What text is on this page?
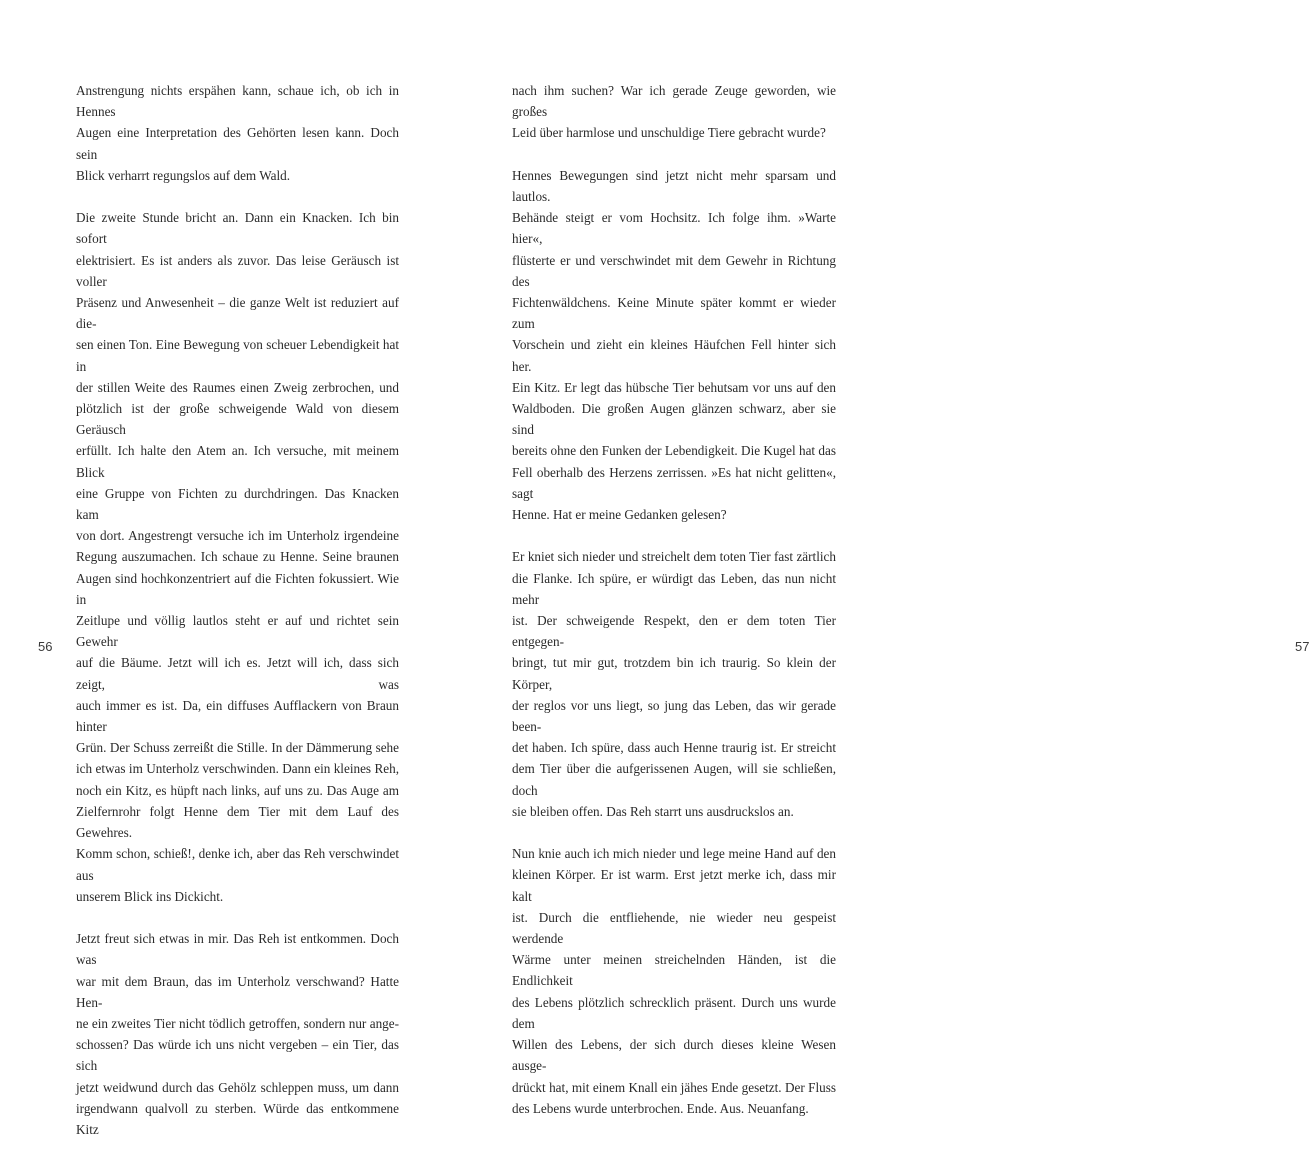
Anstrengung nichts erspähen kann, schaue ich, ob ich in Hennes
Augen eine Interpretation des Gehörten lesen kann. Doch sein
Blick verharrt regungslos auf dem Wald.
Die zweite Stunde bricht an. Dann ein Knacken. Ich bin sofort
elektrisiert. Es ist anders als zuvor. Das leise Geräusch ist voller
Präsenz und Anwesenheit – die ganze Welt ist reduziert auf die-
sen einen Ton. Eine Bewegung von scheuer Lebendigkeit hat in
der stillen Weite des Raumes einen Zweig zerbrochen, und
plötzlich ist der große schweigende Wald von diesem Geräusch
erfüllt. Ich halte den Atem an. Ich versuche, mit meinem Blick
eine Gruppe von Fichten zu durchdringen. Das Knacken kam
von dort. Angestrengt versuche ich im Unterholz irgendeine
Regung auszumachen. Ich schaue zu Henne. Seine braunen
Augen sind hochkonzentriert auf die Fichten fokussiert. Wie in
Zeitlupe und völlig lautlos steht er auf und richtet sein Gewehr
auf die Bäume. Jetzt will ich es. Jetzt will ich, dass sich zeigt, was
auch immer es ist. Da, ein diffuses Aufflackern von Braun hinter
Grün. Der Schuss zerreißt die Stille. In der Dämmerung sehe
ich etwas im Unterholz verschwinden. Dann ein kleines Reh,
noch ein Kitz, es hüpft nach links, auf uns zu. Das Auge am
Zielfernrohr folgt Henne dem Tier mit dem Lauf des Gewehres.
Komm schon, schieß!, denke ich, aber das Reh verschwindet aus
unserem Blick ins Dickicht.
Jetzt freut sich etwas in mir. Das Reh ist entkommen. Doch was
war mit dem Braun, das im Unterholz verschwand? Hatte Hen-
ne ein zweites Tier nicht tödlich getroffen, sondern nur ange-
schossen? Das würde ich uns nicht vergeben – ein Tier, das sich
jetzt weidwund durch das Gehölz schleppen muss, um dann
irgendwann qualvoll zu sterben. Würde das entkommene Kitz
56
nach ihm suchen? War ich gerade Zeuge geworden, wie großes
Leid über harmlose und unschuldige Tiere gebracht wurde?
Hennes Bewegungen sind jetzt nicht mehr sparsam und lautlos.
Behände steigt er vom Hochsitz. Ich folge ihm. »Warte hier«,
flüsterte er und verschwindet mit dem Gewehr in Richtung des
Fichtenwäldchens. Keine Minute später kommt er wieder zum
Vorschein und zieht ein kleines Häufchen Fell hinter sich her.
Ein Kitz. Er legt das hübsche Tier behutsam vor uns auf den
Waldboden. Die großen Augen glänzen schwarz, aber sie sind
bereits ohne den Funken der Lebendigkeit. Die Kugel hat das
Fell oberhalb des Herzens zerrissen. »Es hat nicht gelitten«, sagt
Henne. Hat er meine Gedanken gelesen?
Er kniet sich nieder und streichelt dem toten Tier fast zärtlich
die Flanke. Ich spüre, er würdigt das Leben, das nun nicht mehr
ist. Der schweigende Respekt, den er dem toten Tier entgegen-
bringt, tut mir gut, trotzdem bin ich traurig. So klein der Körper,
der reglos vor uns liegt, so jung das Leben, das wir gerade been-
det haben. Ich spüre, dass auch Henne traurig ist. Er streicht
dem Tier über die aufgerissenen Augen, will sie schließen, doch
sie bleiben offen. Das Reh starrt uns ausdruckslos an.
Nun knie auch ich mich nieder und lege meine Hand auf den
kleinen Körper. Er ist warm. Erst jetzt merke ich, dass mir kalt
ist. Durch die entfliehende, nie wieder neu gespeist werdende
Wärme unter meinen streichelnden Händen, ist die Endlichkeit
des Lebens plötzlich schrecklich präsent. Durch uns wurde dem
Willen des Lebens, der sich durch dieses kleine Wesen ausge-
drückt hat, mit einem Knall ein jähes Ende gesetzt. Der Fluss
des Lebens wurde unterbrochen. Ende. Aus. Neuanfang.
57
